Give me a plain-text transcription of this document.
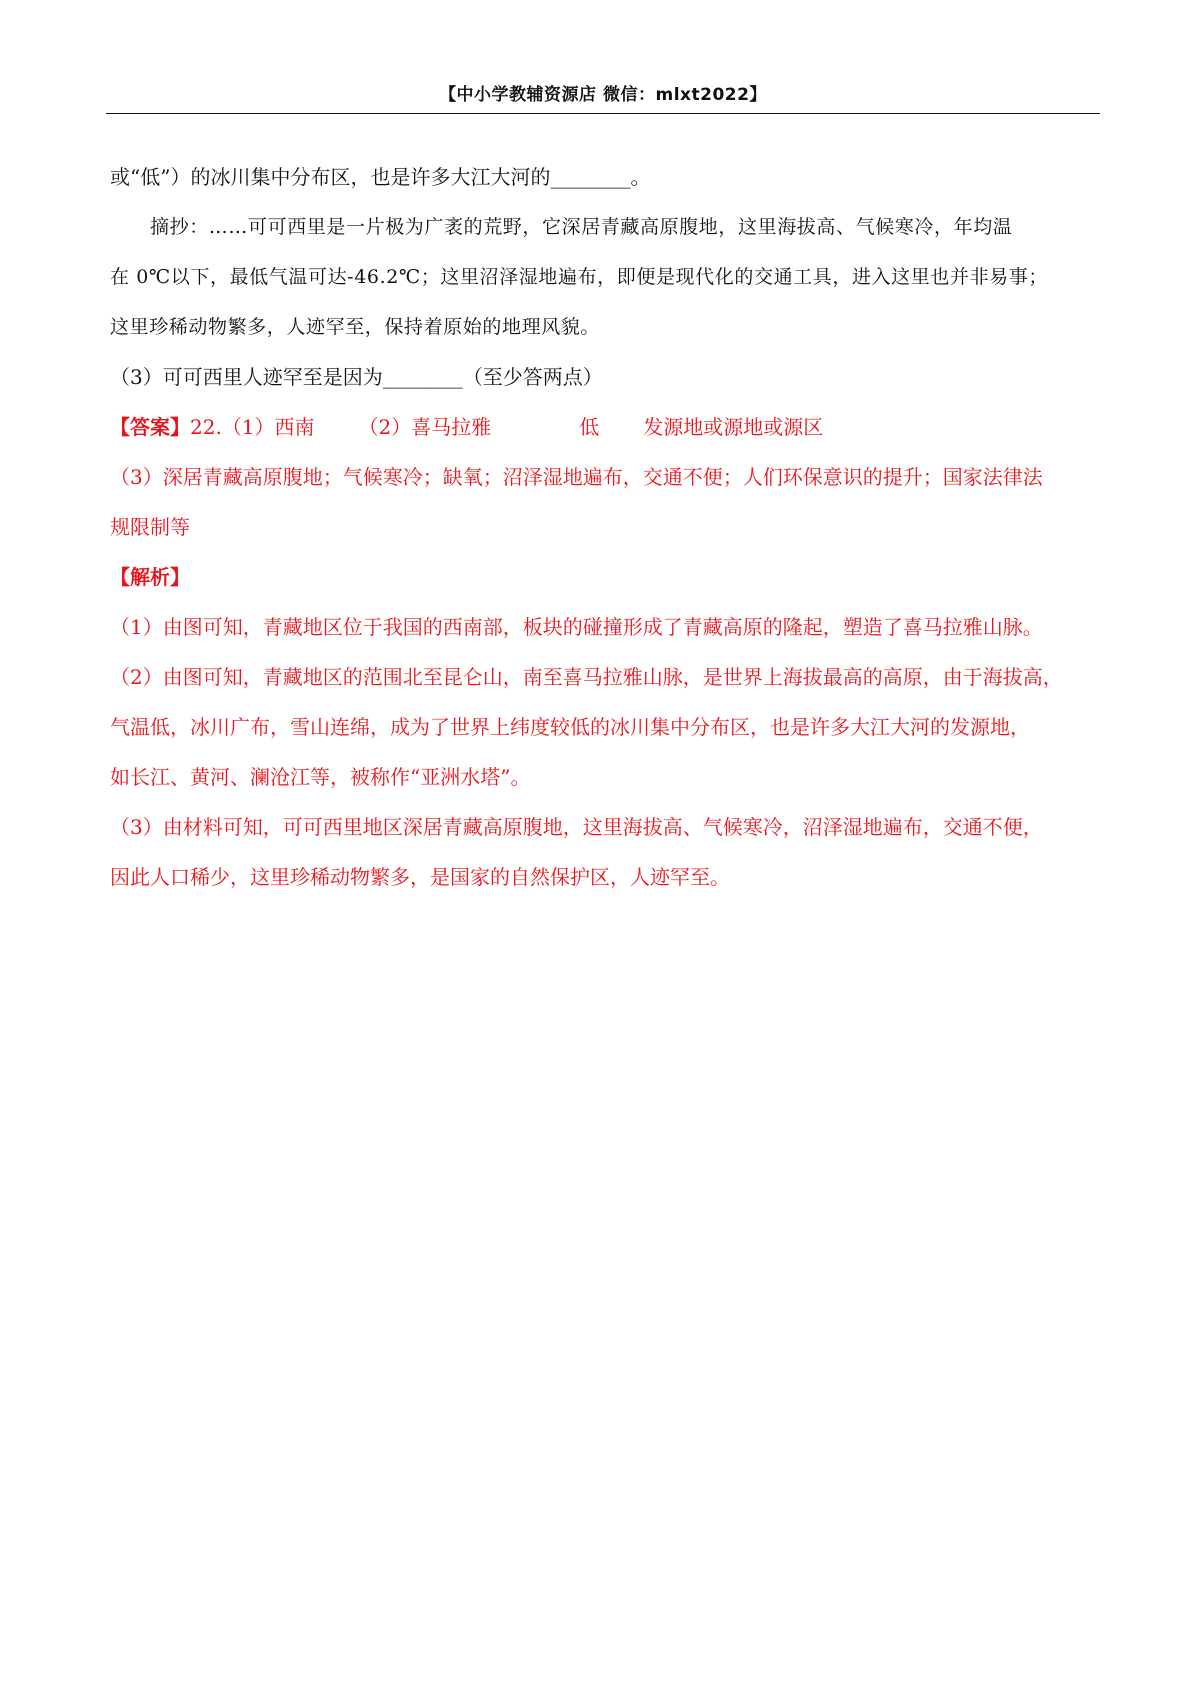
【中小学教辅资源店 微信：mlxt2022】

或“低”）的冰川集中分布区，也是许多大江大河的________。

摘抄：……可可西里是一片极为广袤的荒野，它深居青藏高原腹地，这里海拔高、气候寒冷，年均温

在 0℃以下，最低气温可达-46.2℃；这里沼泽湿地遍布，即便是现代化的交通工具，进入这里也并非易事；

这里珍稀动物繁多，人迹罕至，保持着原始的地理风貌。

（3）可可西里人迹罕至是因为________（至少答两点）

【答案】22.（1）西南 （2）喜马拉雅	低 发源地或源地或源区

（3）深居青藏高原腹地；气候寒冷；缺氧；沼泽湿地遍布，交通不便；人们环保意识的提升；国家法律法

规限制等

【解析】

（1）由图可知，青藏地区位于我国的西南部，板块的碰撞形成了青藏高原的隆起，塑造了喜马拉雅山脉。

（2）由图可知，青藏地区的范围北至昆仑山，南至喜马拉雅山脉，是世界上海拔最高的高原，由于海拔高，

气温低，冰川广布，雪山连绵，成为了世界上纬度较低的冰川集中分布区，也是许多大江大河的发源地，

如长江、黄河、澜沧江等，被称作“亚洲水塔”。

（3）由材料可知，可可西里地区深居青藏高原腹地，这里海拔高、气候寒冷，沼泽湿地遍布，交通不便，

因此人口稀少，这里珍稀动物繁多，是国家的自然保护区，人迹罕至。
